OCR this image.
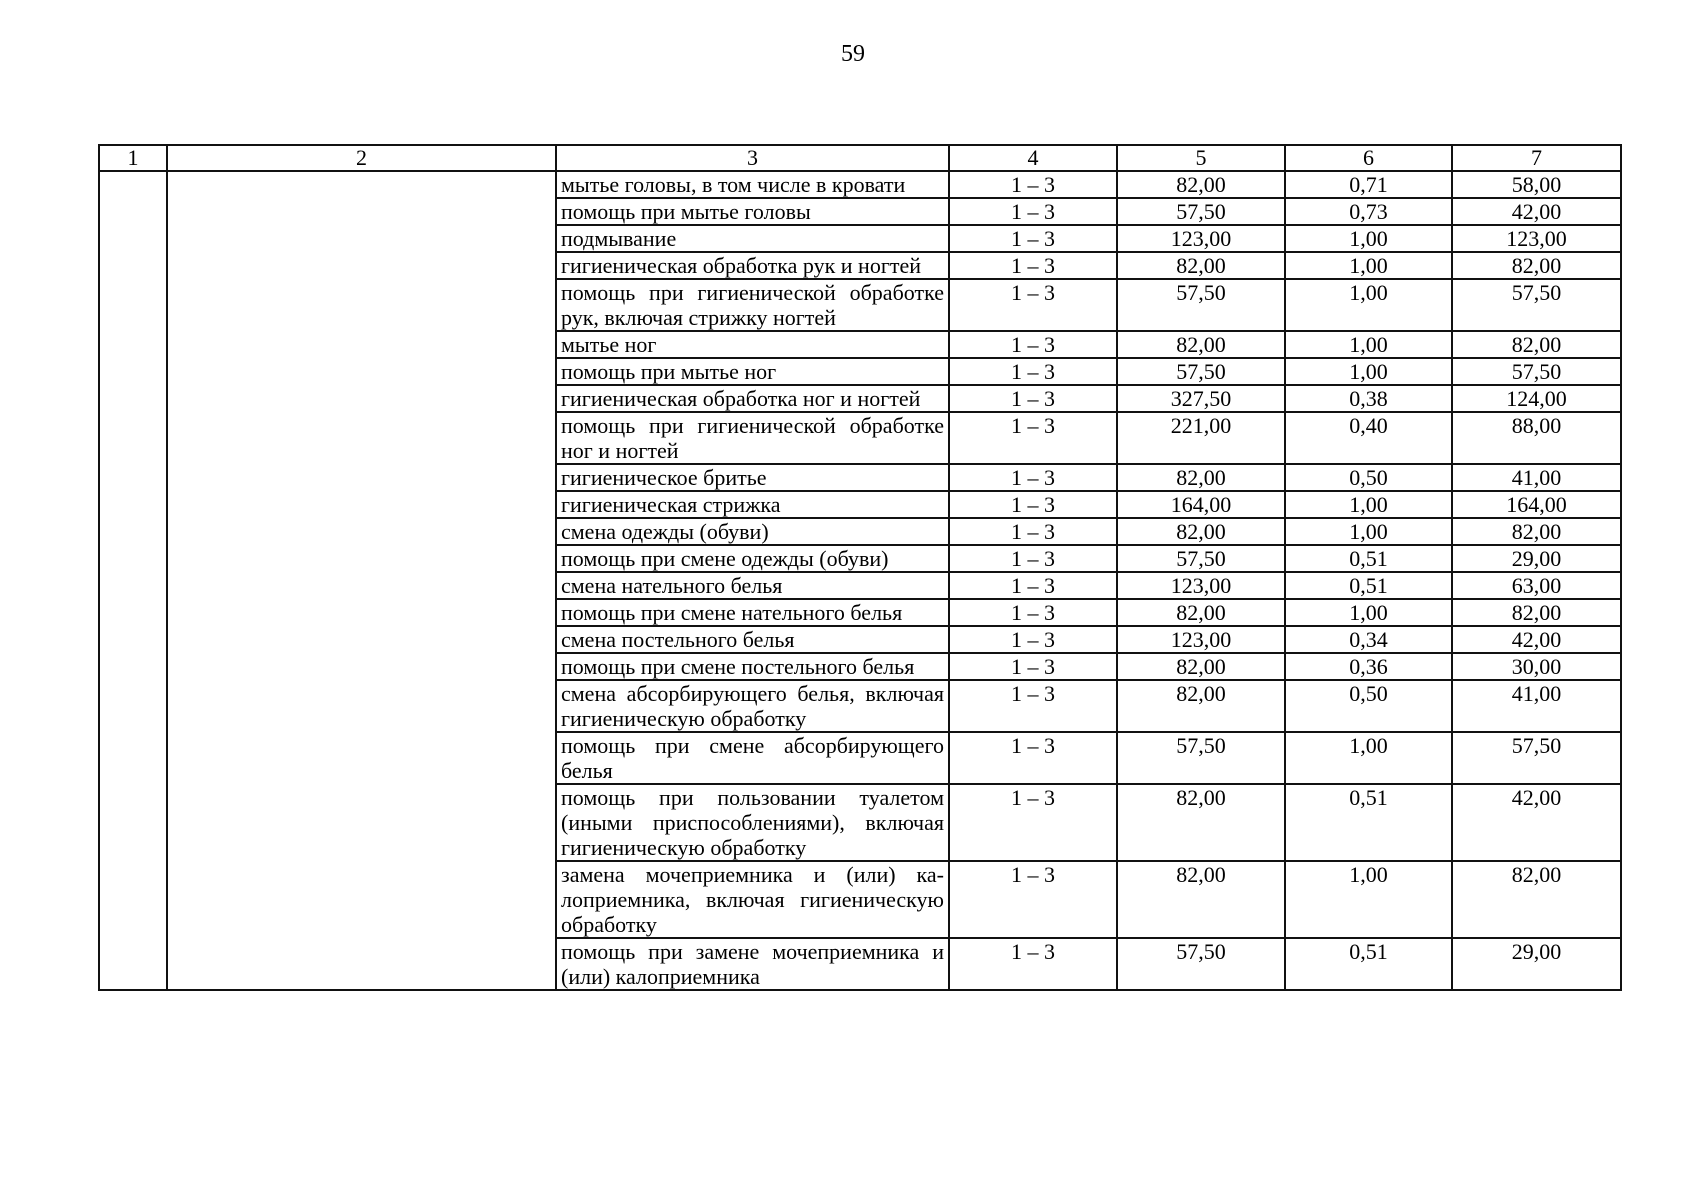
59
1	2	3	4	5	6	7
		мытье головы, в том числе в кровати	1 – 3	82,00	0,71	58,00
		помощь при мытье головы	1 – 3	57,50	0,73	42,00
		подмывание	1 – 3	123,00	1,00	123,00
		гигиеническая обработка рук и ногтей	1 – 3	82,00	1,00	82,00
		помощь при гигиенической обработке рук, включая стрижку ногтей	1 – 3	57,50	1,00	57,50
		мытье ног	1 – 3	82,00	1,00	82,00
		помощь при мытье ног	1 – 3	57,50	1,00	57,50
		гигиеническая обработка ног и ногтей	1 – 3	327,50	0,38	124,00
		помощь при гигиенической обработке ног и ногтей	1 – 3	221,00	0,40	88,00
		гигиеническое бритье	1 – 3	82,00	0,50	41,00
		гигиеническая стрижка	1 – 3	164,00	1,00	164,00
		смена одежды (обуви)	1 – 3	82,00	1,00	82,00
		помощь при смене одежды (обуви)	1 – 3	57,50	0,51	29,00
		смена нательного белья	1 – 3	123,00	0,51	63,00
		помощь при смене нательного белья	1 – 3	82,00	1,00	82,00
		смена постельного белья	1 – 3	123,00	0,34	42,00
		помощь при смене постельного белья	1 – 3	82,00	0,36	30,00
		смена абсорбирующего белья, включая гигиеническую обработку	1 – 3	82,00	0,50	41,00
		помощь при смене абсорбирующего белья	1 – 3	57,50	1,00	57,50
		помощь при пользовании туалетом (иными приспособлениями), включая гигиеническую обработку	1 – 3	82,00	0,51	42,00
		замена мочеприемника и (или) калоприемника, включая гигиеническую обработку	1 – 3	82,00	1,00	82,00
		помощь при замене мочеприемника и (или) калоприемника	1 – 3	57,50	0,51	29,00
